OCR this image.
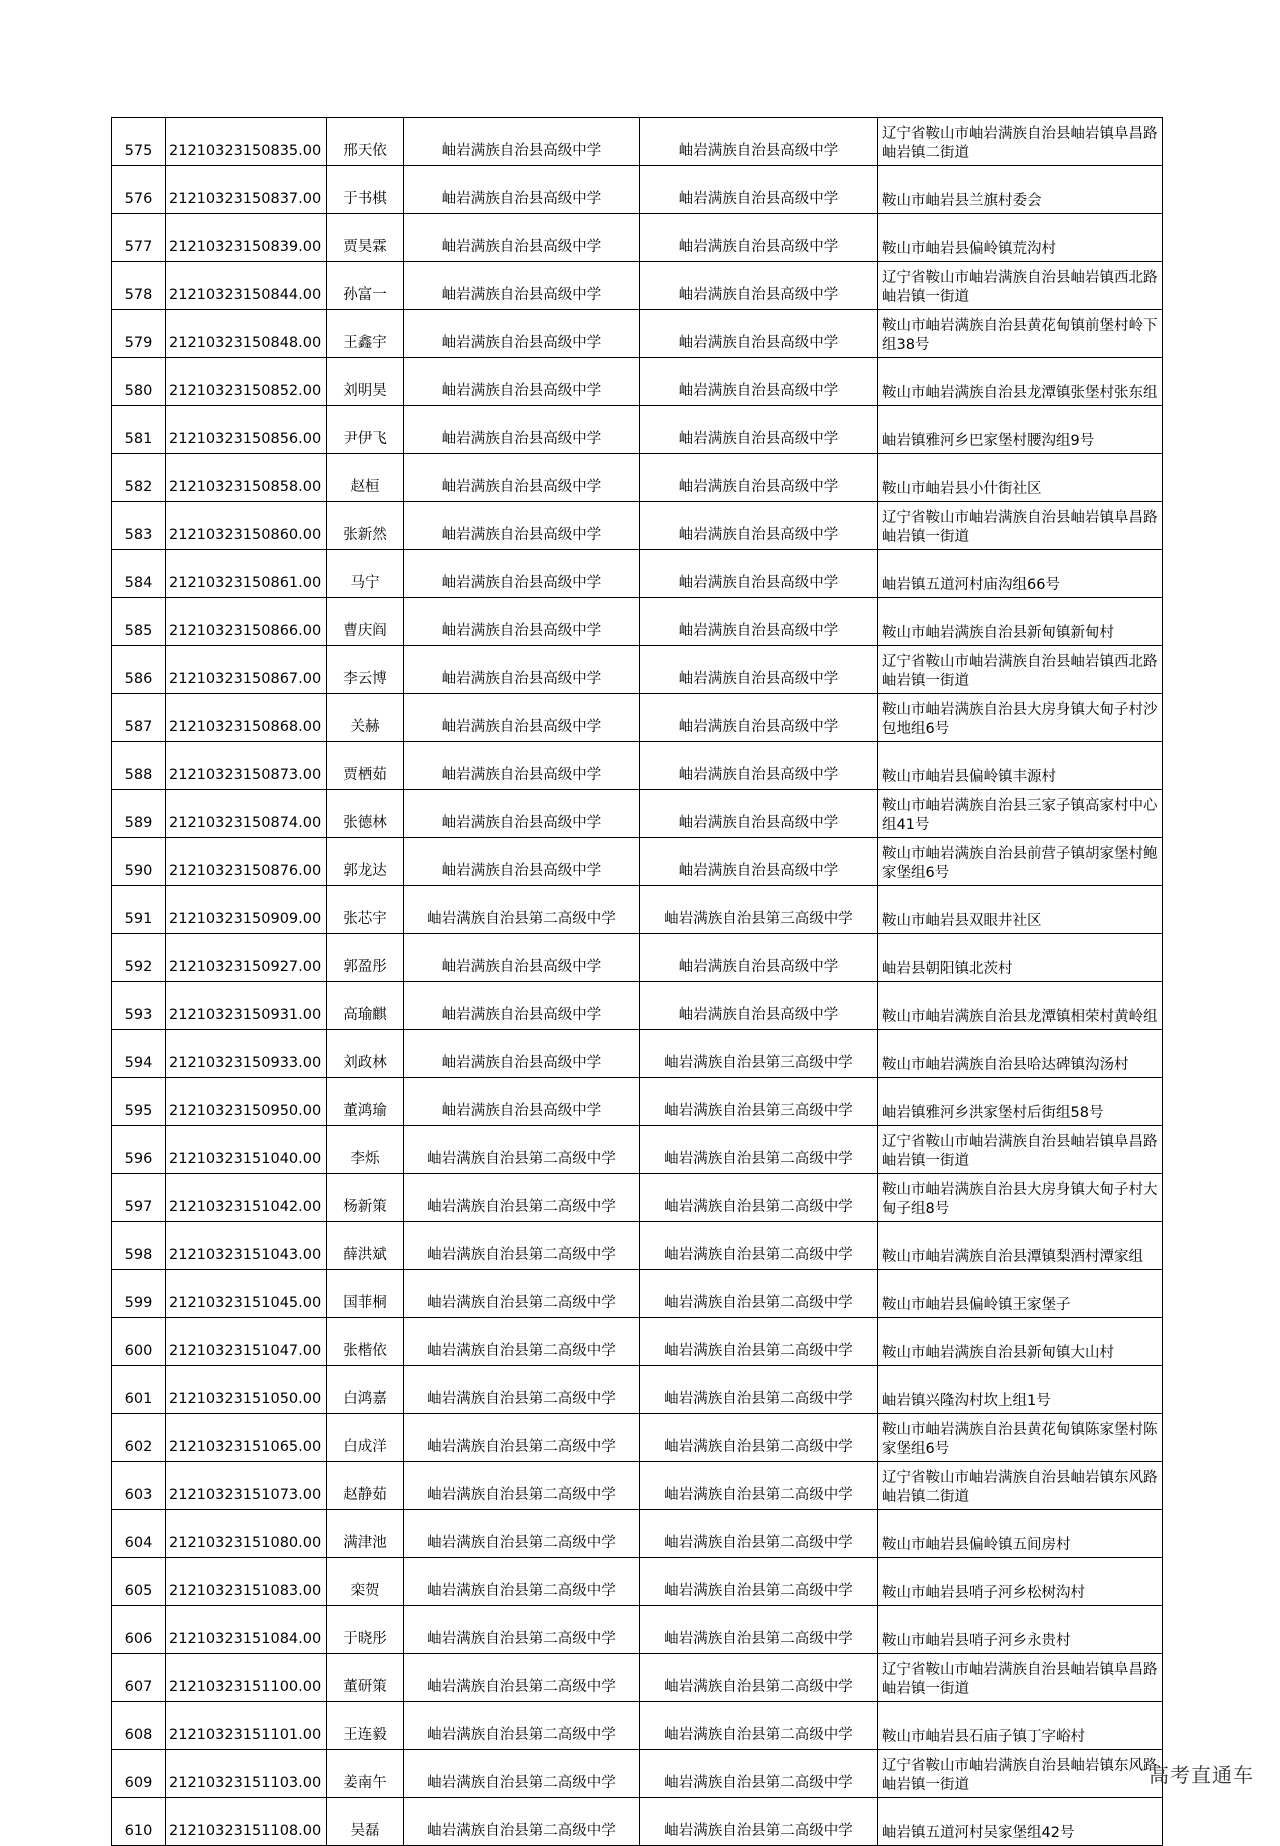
575	21210323150835.00	邢天依	岫岩满族自治县高级中学	岫岩满族自治县高级中学	辽宁省鞍山市岫岩满族自治县岫岩镇阜昌路岫岩镇二街道
576	21210323150837.00	于书棋	岫岩满族自治县高级中学	岫岩满族自治县高级中学	鞍山市岫岩县兰旗村委会
577	21210323150839.00	贾昊霖	岫岩满族自治县高级中学	岫岩满族自治县高级中学	鞍山市岫岩县偏岭镇荒沟村
578	21210323150844.00	孙富一	岫岩满族自治县高级中学	岫岩满族自治县高级中学	辽宁省鞍山市岫岩满族自治县岫岩镇西北路岫岩镇一街道
579	21210323150848.00	王鑫宇	岫岩满族自治县高级中学	岫岩满族自治县高级中学	鞍山市岫岩满族自治县黄花甸镇前堡村岭下组38号
580	21210323150852.00	刘明昊	岫岩满族自治县高级中学	岫岩满族自治县高级中学	鞍山市岫岩满族自治县龙潭镇张堡村张东组
581	21210323150856.00	尹伊飞	岫岩满族自治县高级中学	岫岩满族自治县高级中学	岫岩镇雅河乡巴家堡村腰沟组9号
582	21210323150858.00	赵桓	岫岩满族自治县高级中学	岫岩满族自治县高级中学	鞍山市岫岩县小什街社区
583	21210323150860.00	张新然	岫岩满族自治县高级中学	岫岩满族自治县高级中学	辽宁省鞍山市岫岩满族自治县岫岩镇阜昌路岫岩镇一街道
584	21210323150861.00	马宁	岫岩满族自治县高级中学	岫岩满族自治县高级中学	岫岩镇五道河村庙沟组66号
585	21210323150866.00	曹庆阎	岫岩满族自治县高级中学	岫岩满族自治县高级中学	鞍山市岫岩满族自治县新甸镇新甸村
586	21210323150867.00	李云博	岫岩满族自治县高级中学	岫岩满族自治县高级中学	辽宁省鞍山市岫岩满族自治县岫岩镇西北路岫岩镇一街道
587	21210323150868.00	关赫	岫岩满族自治县高级中学	岫岩满族自治县高级中学	鞍山市岫岩满族自治县大房身镇大甸子村沙包地组6号
588	21210323150873.00	贾栖茹	岫岩满族自治县高级中学	岫岩满族自治县高级中学	鞍山市岫岩县偏岭镇丰源村
589	21210323150874.00	张德林	岫岩满族自治县高级中学	岫岩满族自治县高级中学	鞍山市岫岩满族自治县三家子镇高家村中心组41号
590	21210323150876.00	郭龙达	岫岩满族自治县高级中学	岫岩满族自治县高级中学	鞍山市岫岩满族自治县前营子镇胡家堡村鲍家堡组6号
591	21210323150909.00	张芯宇	岫岩满族自治县第二高级中学	岫岩满族自治县第三高级中学	鞍山市岫岩县双眼井社区
592	21210323150927.00	郭盈彤	岫岩满族自治县高级中学	岫岩满族自治县高级中学	岫岩县朝阳镇北茨村
593	21210323150931.00	高瑜麒	岫岩满族自治县高级中学	岫岩满族自治县高级中学	鞍山市岫岩满族自治县龙潭镇相荣村黄岭组
594	21210323150933.00	刘政林	岫岩满族自治县高级中学	岫岩满族自治县第三高级中学	鞍山市岫岩满族自治县哈达碑镇沟汤村
595	21210323150950.00	董鸿瑜	岫岩满族自治县高级中学	岫岩满族自治县第三高级中学	岫岩镇雅河乡洪家堡村后街组58号
596	21210323151040.00	李烁	岫岩满族自治县第二高级中学	岫岩满族自治县第二高级中学	辽宁省鞍山市岫岩满族自治县岫岩镇阜昌路岫岩镇一街道
597	21210323151042.00	杨新策	岫岩满族自治县第二高级中学	岫岩满族自治县第二高级中学	鞍山市岫岩满族自治县大房身镇大甸子村大甸子组8号
598	21210323151043.00	薛洪斌	岫岩满族自治县第二高级中学	岫岩满族自治县第二高级中学	鞍山市岫岩满族自治县潭镇梨酒村潭家组
599	21210323151045.00	国菲桐	岫岩满族自治县第二高级中学	岫岩满族自治县第二高级中学	鞍山市岫岩县偏岭镇王家堡子
600	21210323151047.00	张楷依	岫岩满族自治县第二高级中学	岫岩满族自治县第二高级中学	鞍山市岫岩满族自治县新甸镇大山村
601	21210323151050.00	白鸿嘉	岫岩满族自治县第二高级中学	岫岩满族自治县第二高级中学	岫岩镇兴隆沟村坎上组1号
602	21210323151065.00	白成洋	岫岩满族自治县第二高级中学	岫岩满族自治县第二高级中学	鞍山市岫岩满族自治县黄花甸镇陈家堡村陈家堡组6号
603	21210323151073.00	赵静茹	岫岩满族自治县第二高级中学	岫岩满族自治县第二高级中学	辽宁省鞍山市岫岩满族自治县岫岩镇东风路岫岩镇二街道
604	21210323151080.00	满津池	岫岩满族自治县第二高级中学	岫岩满族自治县第二高级中学	鞍山市岫岩县偏岭镇五间房村
605	21210323151083.00	栾贺	岫岩满族自治县第二高级中学	岫岩满族自治县第二高级中学	鞍山市岫岩县哨子河乡松树沟村
606	21210323151084.00	于晓彤	岫岩满族自治县第二高级中学	岫岩满族自治县第二高级中学	鞍山市岫岩县哨子河乡永贵村
607	21210323151100.00	董研策	岫岩满族自治县第二高级中学	岫岩满族自治县第二高级中学	辽宁省鞍山市岫岩满族自治县岫岩镇阜昌路岫岩镇一街道
608	21210323151101.00	王连毅	岫岩满族自治县第二高级中学	岫岩满族自治县第二高级中学	鞍山市岫岩县石庙子镇丁字峪村
609	21210323151103.00	姜南午	岫岩满族自治县第二高级中学	岫岩满族自治县第二高级中学	辽宁省鞍山市岫岩满族自治县岫岩镇东风路岫岩镇一街道
610	21210323151108.00	吴磊	岫岩满族自治县第二高级中学	岫岩满族自治县第二高级中学	岫岩镇五道河村吴家堡组42号
高考直通车
